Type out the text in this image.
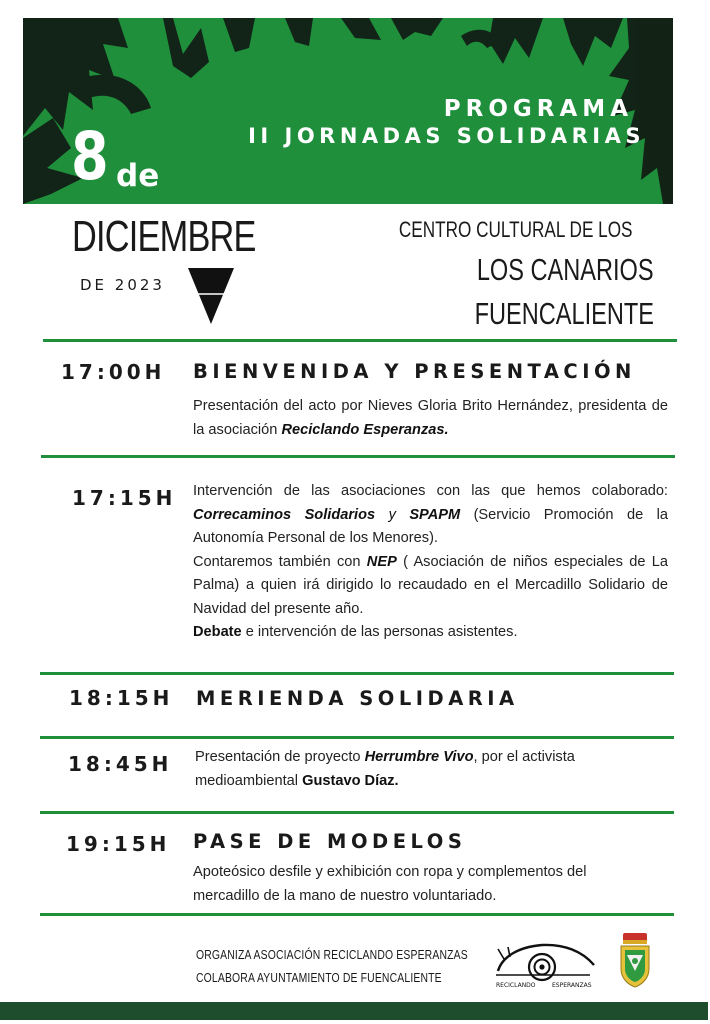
PROGRAMA
II JORNADAS SOLIDARIAS
8 de
DICIEMBRE
DE 2023
CENTRO CULTURAL DE LOS
LOS CANARIOS
FUENCALIENTE
17:00H BIENVENIDA Y PRESENTACIÓN

Presentación del acto por Nieves Gloria Brito Hernández, presidenta de la asociación Reciclando Esperanzas.

17:15H Intervención de las asociaciones con las que hemos colaborado: Correcaminos Solidarios y SPAPM (Servicio Promoción de la Autonomía Personal de los Menores).

Contaremos también con NEP ( Asociación de niños especiales de La Palma) a quien irá dirigido lo recaudado en el Mercadillo Solidario de Navidad del presente año.

Debate e intervención de las personas asistentes.

18:15H MERIENDA SOLIDARIA
18:45H Presentación de proyecto Herrumbre Vivo, por el activista medioambiental Gustavo Díaz.

19:15H PASE DE MODELOS

Apoteósico desfile y exhibición con ropa y complementos del mercadillo de la mano de nuestro voluntariado.

ORGANIZA ASOCIACIÓN RECICLANDO ESPERANZAS
COLABORA AYUNTAMIENTO DE FUENCALIENTE
RECICLANDO	ESPERANZAS
